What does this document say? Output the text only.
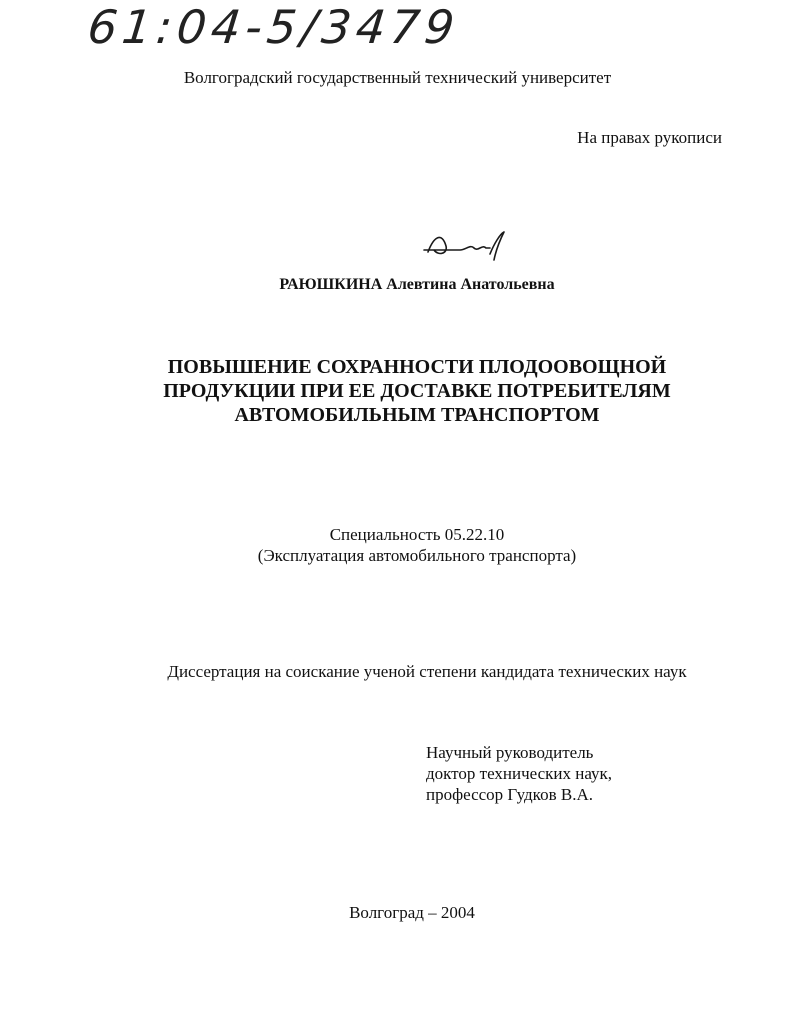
61:04-5/3479
Волгоградский государственный технический университет
На правах рукописи
РАЮШКИНА Алевтина Анатольевна
ПОВЫШЕНИЕ СОХРАННОСТИ ПЛОДООВОЩНОЙ
ПРОДУКЦИИ ПРИ ЕЕ ДОСТАВКЕ ПОТРЕБИТЕЛЯМ
АВТОМОБИЛЬНЫМ ТРАНСПОРТОМ
Специальность 05.22.10
(Эксплуатация автомобильного транспорта)
Диссертация на соискание ученой степени кандидата технических наук
Научный руководитель
доктор технических наук,
профессор Гудков В.А.
Волгоград – 2004
